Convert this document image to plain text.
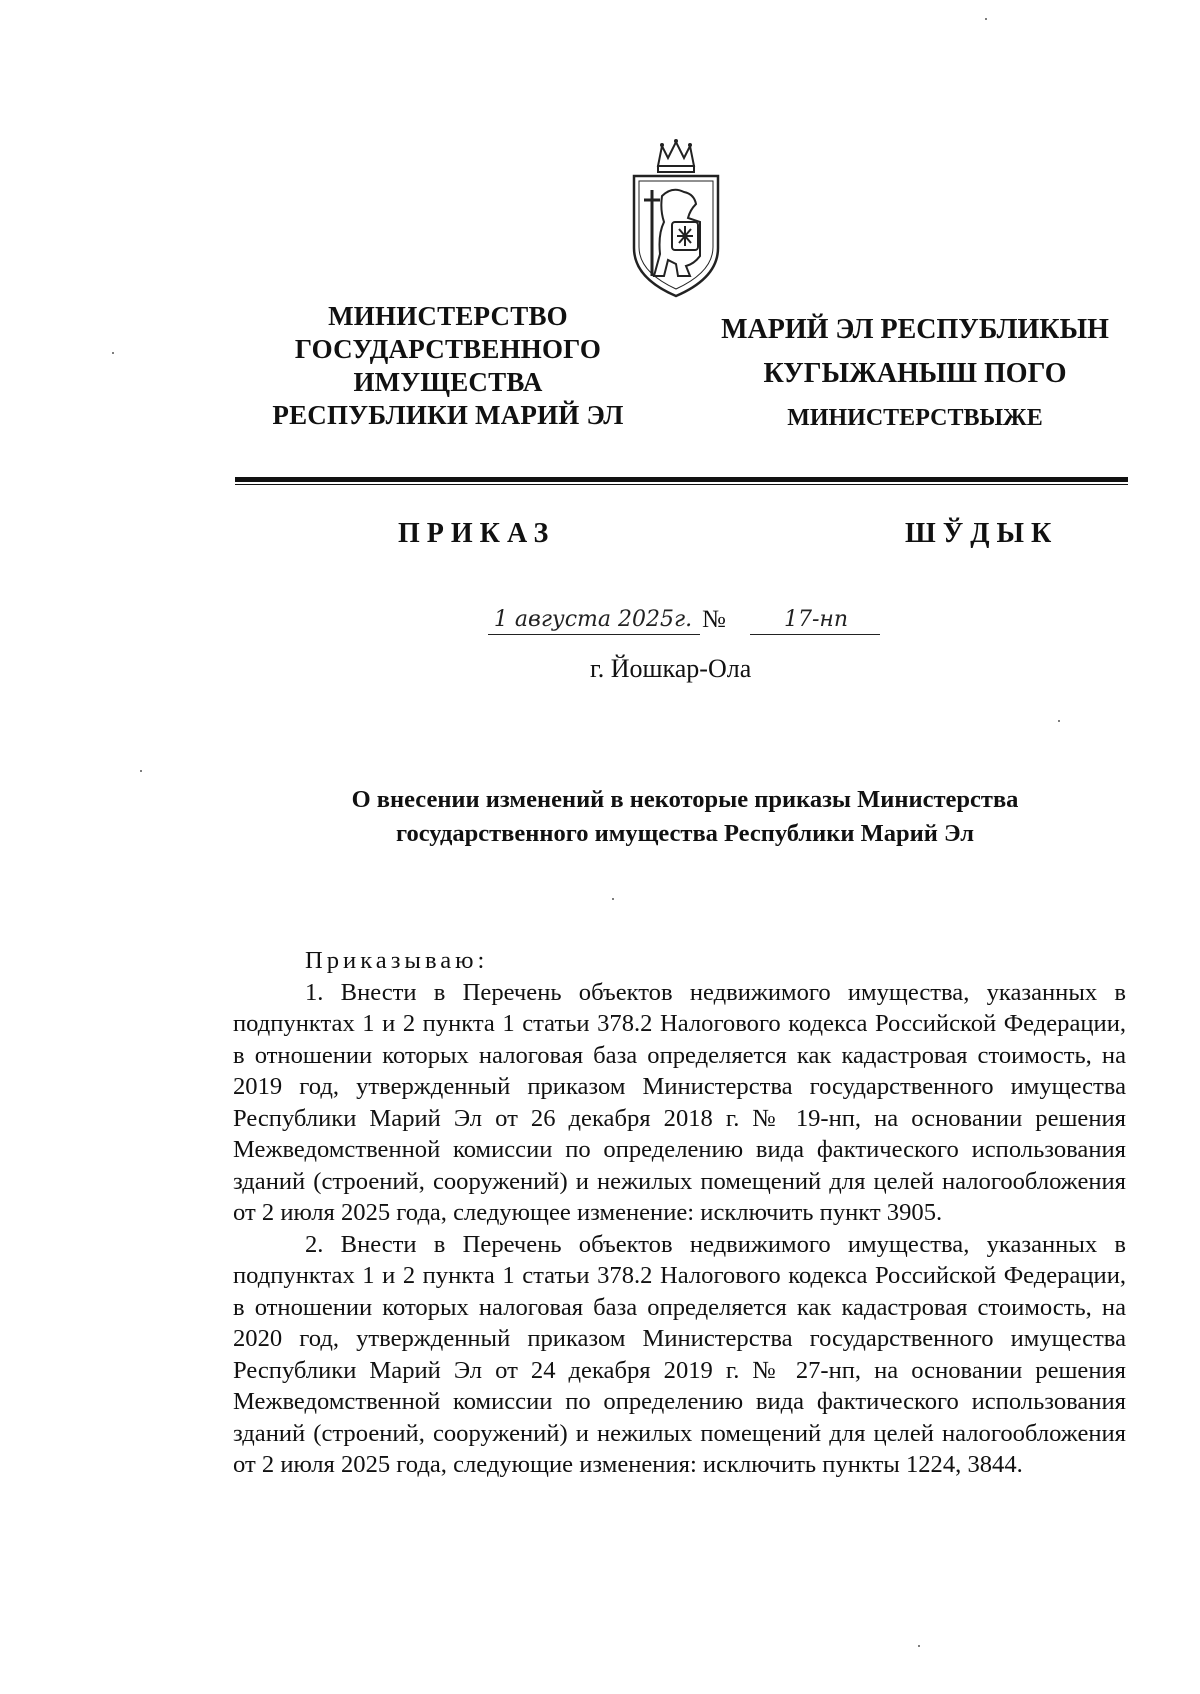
МИНИСТЕРСТВО
ГОСУДАРСТВЕННОГО
ИМУЩЕСТВА
РЕСПУБЛИКИ МАРИЙ ЭЛ
МАРИЙ ЭЛ РЕСПУБЛИКЫН
КУГЫЖАНЫШ ПОГО
МИНИСТЕРСТВЫЖЕ
ПРИКАЗ	ШЎДЫК
1 августа 2025г. №	17-нп
г. Йошкар-Ола
О внесении изменений в некоторые приказы Министерства
государственного имущества Республики Марий Эл
Приказываю:

1. Внести в Перечень объектов недвижимого имущества, указанных в подпунктах 1 и 2 пункта 1 статьи 378.2 Налогового кодекса Российской Федерации, в отношении которых налоговая база определяется как кадастровая стоимость, на 2019 год, утвержденный приказом Министерства государственного имущества Республики Марий Эл от 26 декабря 2018 г. № 19-нп, на основании решения Межведомственной комиссии по определению вида фактического использования зданий (строений, сооружений) и нежилых помещений для целей налогообложения от 2 июля 2025 года, следующее изменение: исключить пункт 3905.

2. Внести в Перечень объектов недвижимого имущества, указанных в подпунктах 1 и 2 пункта 1 статьи 378.2 Налогового кодекса Российской Федерации, в отношении которых налоговая база определяется как кадастровая стоимость, на 2020 год, утвержденный приказом Министерства государственного имущества Республики Марий Эл от 24 декабря 2019 г. № 27-нп, на основании решения Межведомственной комиссии по определению вида фактического использования зданий (строений, сооружений) и нежилых помещений для целей налогообложения от 2 июля 2025 года, следующие изменения: исключить пункты 1224, 3844.
